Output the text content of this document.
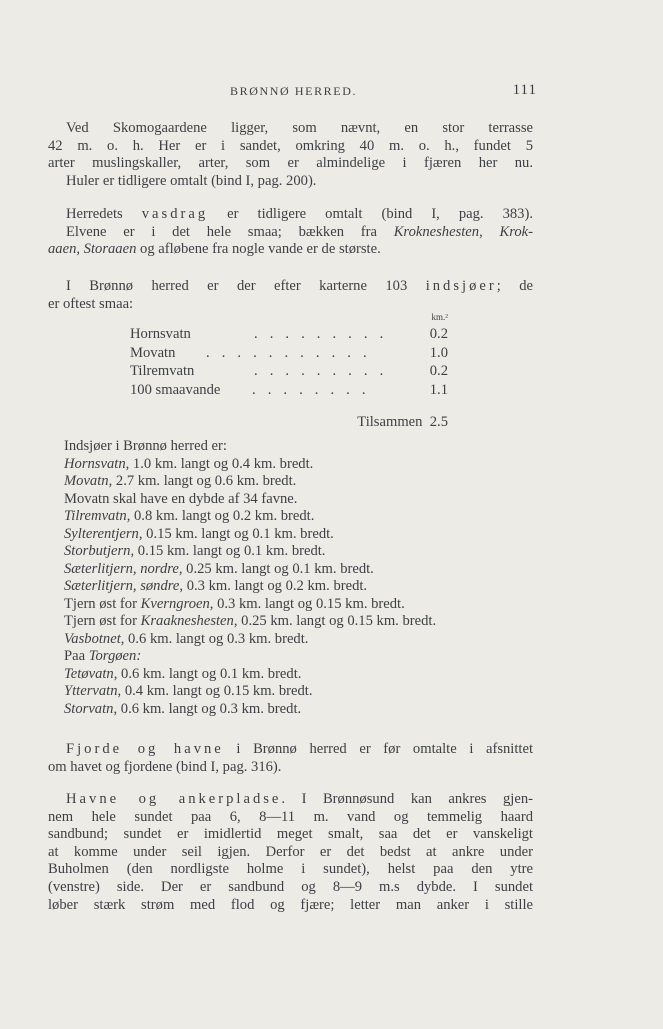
BRØNNØ HERRED.	111
Ved Skomogaardene ligger, som nævnt, en stor terrasse
42 m. o. h. Her er i sandet, omkring 40 m. o. h., fundet 5
arter muslingskaller, arter, som er almindelige i fjæren her nu.
Huler er tidligere omtalt (bind I, pag. 200).
Herredets vasdrag er tidligere omtalt (bind I, pag. 383).
Elvene er i det hele smaa; bækken fra Krokneshesten, Krok-
aaen, Storaaen og afløbene fra nogle vande er de største.
I Brønnø herred er der efter karterne 103 indsjøer; de
er oftest smaa:
km.²
Hornsvatn	. . . . . . . . .	0.2
Movatn . . . . . . . . . . .	1.0
Tilremvatn	. . . . . . . . .	0.2
100 smaavande . . . . . . . .	1.1
Tilsammen 2.5
Indsjøer i Brønnø herred er:
Hornsvatn, 1.0 km. langt og 0.4 km. bredt.
Movatn, 2.7 km. langt og 0.6 km. bredt.
Movatn skal have en dybde af 34 favne.
Tilremvatn, 0.8 km. langt og 0.2 km. bredt.
Sylterentjern, 0.15 km. langt og 0.1 km. bredt.
Storbutjern, 0.15 km. langt og 0.1 km. bredt.
Sæterlitjern, nordre, 0.25 km. langt og 0.1 km. bredt.
Sæterlitjern, søndre, 0.3 km. langt og 0.2 km. bredt.
Tjern øst for Kverngroen, 0.3 km. langt og 0.15 km. bredt.
Tjern øst for Kraakneshesten, 0.25 km. langt og 0.15 km. bredt.
Vasbotnet, 0.6 km. langt og 0.3 km. bredt.
Paa Torgøen:
Tetøvatn, 0.6 km. langt og 0.1 km. bredt.
Yttervatn, 0.4 km. langt og 0.15 km. bredt.
Storvatn, 0.6 km. langt og 0.3 km. bredt.
Fjorde og havne i Brønnø herred er før omtalte i afsnittet
om havet og fjordene (bind I, pag. 316).
Havne og ankerpladse. I Brønnøsund kan ankres gjen-
nem hele sundet paa 6, 8—11 m. vand og temmelig haard
sandbund; sundet er imidlertid meget smalt, saa det er vanskeligt
at komme under seil igjen. Derfor er det bedst at ankre under
Buholmen (den nordligste holme i sundet), helst paa den ytre
(venstre) side. Der er sandbund og 8—9 m.s dybde. I sundet
løber stærk strøm med flod og fjære; letter man anker i stille
